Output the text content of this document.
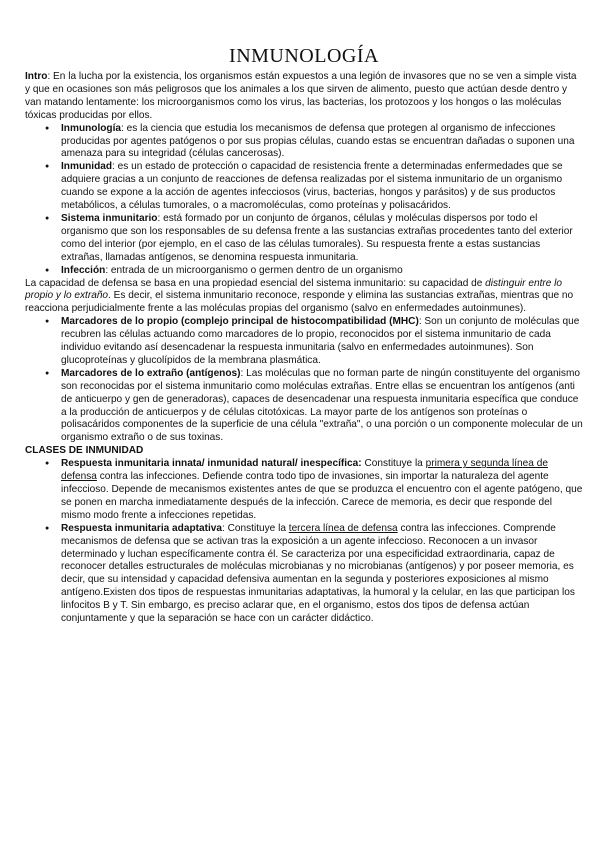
INMUNOLOGÍA

Intro: En la lucha por la existencia, los organismos están expuestos a una legión de invasores que no se ven a simple vista y que en ocasiones son más peligrosos que los animales a los que sirven de alimento, puesto que actúan desde dentro y van matando lentamente: los microorganismos como los virus, las bacterias, los protozoos y los hongos o las moléculas tóxicas producidas por ellos.

● Inmunología: es la ciencia que estudia los mecanismos de defensa que protegen al organismo de infecciones producidas por agentes patógenos o por sus propias células, cuando estas se encuentran dañadas o suponen una amenaza para su integridad (células cancerosas).
● Inmunidad: es un estado de protección o capacidad de resistencia frente a determinadas enfermedades que se adquiere gracias a un conjunto de reacciones de defensa realizadas por el sistema inmunitario de un organismo cuando se expone a la acción de agentes infecciosos (virus, bacterias, hongos y parásitos) y de sus productos metabólicos, a células tumorales, o a macromoléculas, como proteínas y polisacáridos.
● Sistema inmunitario: está formado por un conjunto de órganos, células y moléculas dispersos por todo el organismo que son los responsables de su defensa frente a las sustancias extrañas procedentes tanto del exterior como del interior (por ejemplo, en el caso de las células tumorales). Su respuesta frente a estas sustancias extrañas, llamadas antígenos, se denomina respuesta inmunitaria.
● Infección: entrada de un microorganismo o germen dentro de un organismo

La capacidad de defensa se basa en una propiedad esencial del sistema inmunitario: su capacidad de distinguir entre lo propio y lo extraño. Es decir, el sistema inmunitario reconoce, responde y elimina las sustancias extrañas, mientras que no reacciona perjudicialmente frente a las moléculas propias del organismo (salvo en enfermedades autoinmunes).

● Marcadores de lo propio (complejo principal de histocompatibilidad (MHC): Son un conjunto de moléculas que recubren las células actuando como marcadores de lo propio, reconocidos por el sistema inmunitario de cada individuo evitando así desencadenar la respuesta inmunitaria (salvo en enfermedades autoinmunes). Son glucoproteínas y glucolípidos de la membrana plasmática.
● Marcadores de lo extraño (antígenos): Las moléculas que no forman parte de ningún constituyente del organismo son reconocidas por el sistema inmunitario como moléculas extrañas. Entre ellas se encuentran los antígenos (anti de anticuerpo y gen de generadoras), capaces de desencadenar una respuesta inmunitaria específica que conduce a la producción de anticuerpos y de células citotóxicas. La mayor parte de los antígenos son proteínas o polisacáridos componentes de la superficie de una célula "extraña", o una porción o un componente molecular de un organismo extraño o de sus toxinas.

CLASES DE INMUNIDAD

● Respuesta inmunitaria innata/ inmunidad natural/ inespecífica: Constituye la primera y segunda línea de defensa contra las infecciones. Defiende contra todo tipo de invasiones, sin importar la naturaleza del agente infeccioso. Depende de mecanismos existentes antes de que se produzca el encuentro con el agente patógeno, que se ponen en marcha inmediatamente después de la infección. Carece de memoria, es decir que responde del mismo modo frente a infecciones repetidas.
● Respuesta inmunitaria adaptativa: Constituye la tercera línea de defensa contra las infecciones. Comprende mecanismos de defensa que se activan tras la exposición a un agente infeccioso. Reconocen a un invasor determinado y luchan específicamente contra él. Se caracteriza por una especificidad extraordinaria, capaz de reconocer detalles estructurales de moléculas microbianas y no microbianas (antígenos) y por poseer memoria, es decir, que su intensidad y capacidad defensiva aumentan en la segunda y posteriores exposiciones al mismo antígeno.Existen dos tipos de respuestas inmunitarias adaptativas, la humoral y la celular, en las que participan los linfocitos B y T. Sin embargo, es preciso aclarar que, en el organismo, estos dos tipos de defensa actúan conjuntamente y que la separación se hace con un carácter didáctico.
